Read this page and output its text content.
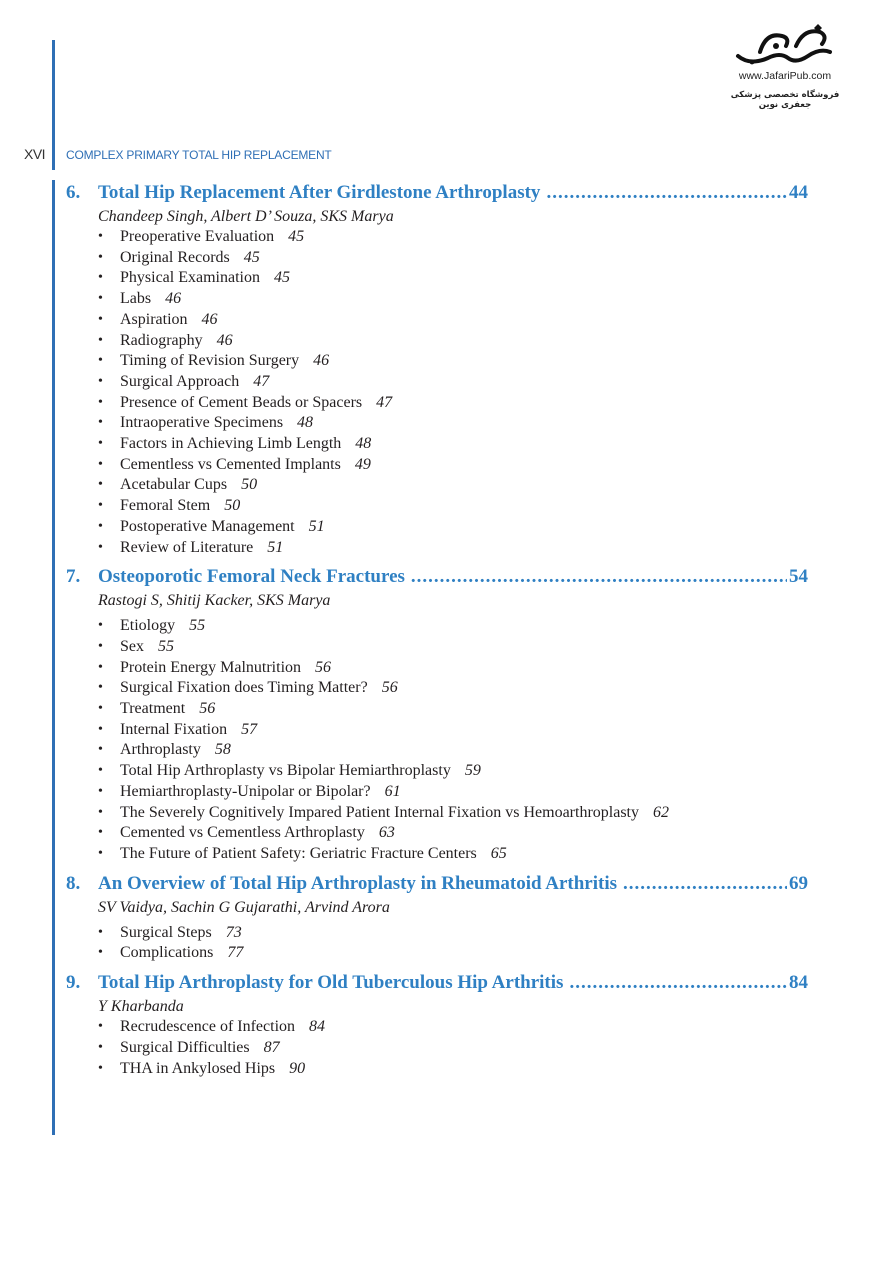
www.JafariPub.com
فروشگاه تخصصی پزشکی جعفری نوین
XVI COMPLEX PRIMARY TOTAL HIP REPLACEMENT
6. Total Hip Replacement After Girdlestone Arthroplasty .....	44
Chandeep Singh, Albert D’ Souza, SKS Marya
• Preoperative Evaluation 45
• Original Records 45
• Physical Examination 45
• Labs 46
• Aspiration 46
• Radiography 46
• Timing of Revision Surgery 46
• Surgical Approach 47
• Presence of Cement Beads or Spacers 47
• Intraoperative Specimens 48
• Factors in Achieving Limb Length 48
• Cementless vs Cemented Implants 49
• Acetabular Cups 50
• Femoral Stem 50
• Postoperative Management 51
• Review of Literature 51
7. Osteoporotic Femoral Neck Fractures .....	54
Rastogi S, Shitij Kacker, SKS Marya
• Etiology 55
• Sex 55
• Protein Energy Malnutrition 56
• Surgical Fixation does Timing Matter? 56
• Treatment 56
• Internal Fixation 57
• Arthroplasty 58
• Total Hip Arthroplasty vs Bipolar Hemiarthroplasty 59
• Hemiarthroplasty-Unipolar or Bipolar? 61
• The Severely Cognitively Impared Patient Internal Fixation vs Hemoarthroplasty 62
• Cemented vs Cementless Arthroplasty 63
• The Future of Patient Safety: Geriatric Fracture Centers 65
8. An Overview of Total Hip Arthroplasty in Rheumatoid Arthritis .....	69
SV Vaidya, Sachin G Gujarathi, Arvind Arora
• Surgical Steps 73
• Complications 77
9. Total Hip Arthroplasty for Old Tuberculous Hip Arthritis .....	84
Y Kharbanda
• Recrudescence of Infection 84
• Surgical Difficulties 87
• THA in Ankylosed Hips 90
